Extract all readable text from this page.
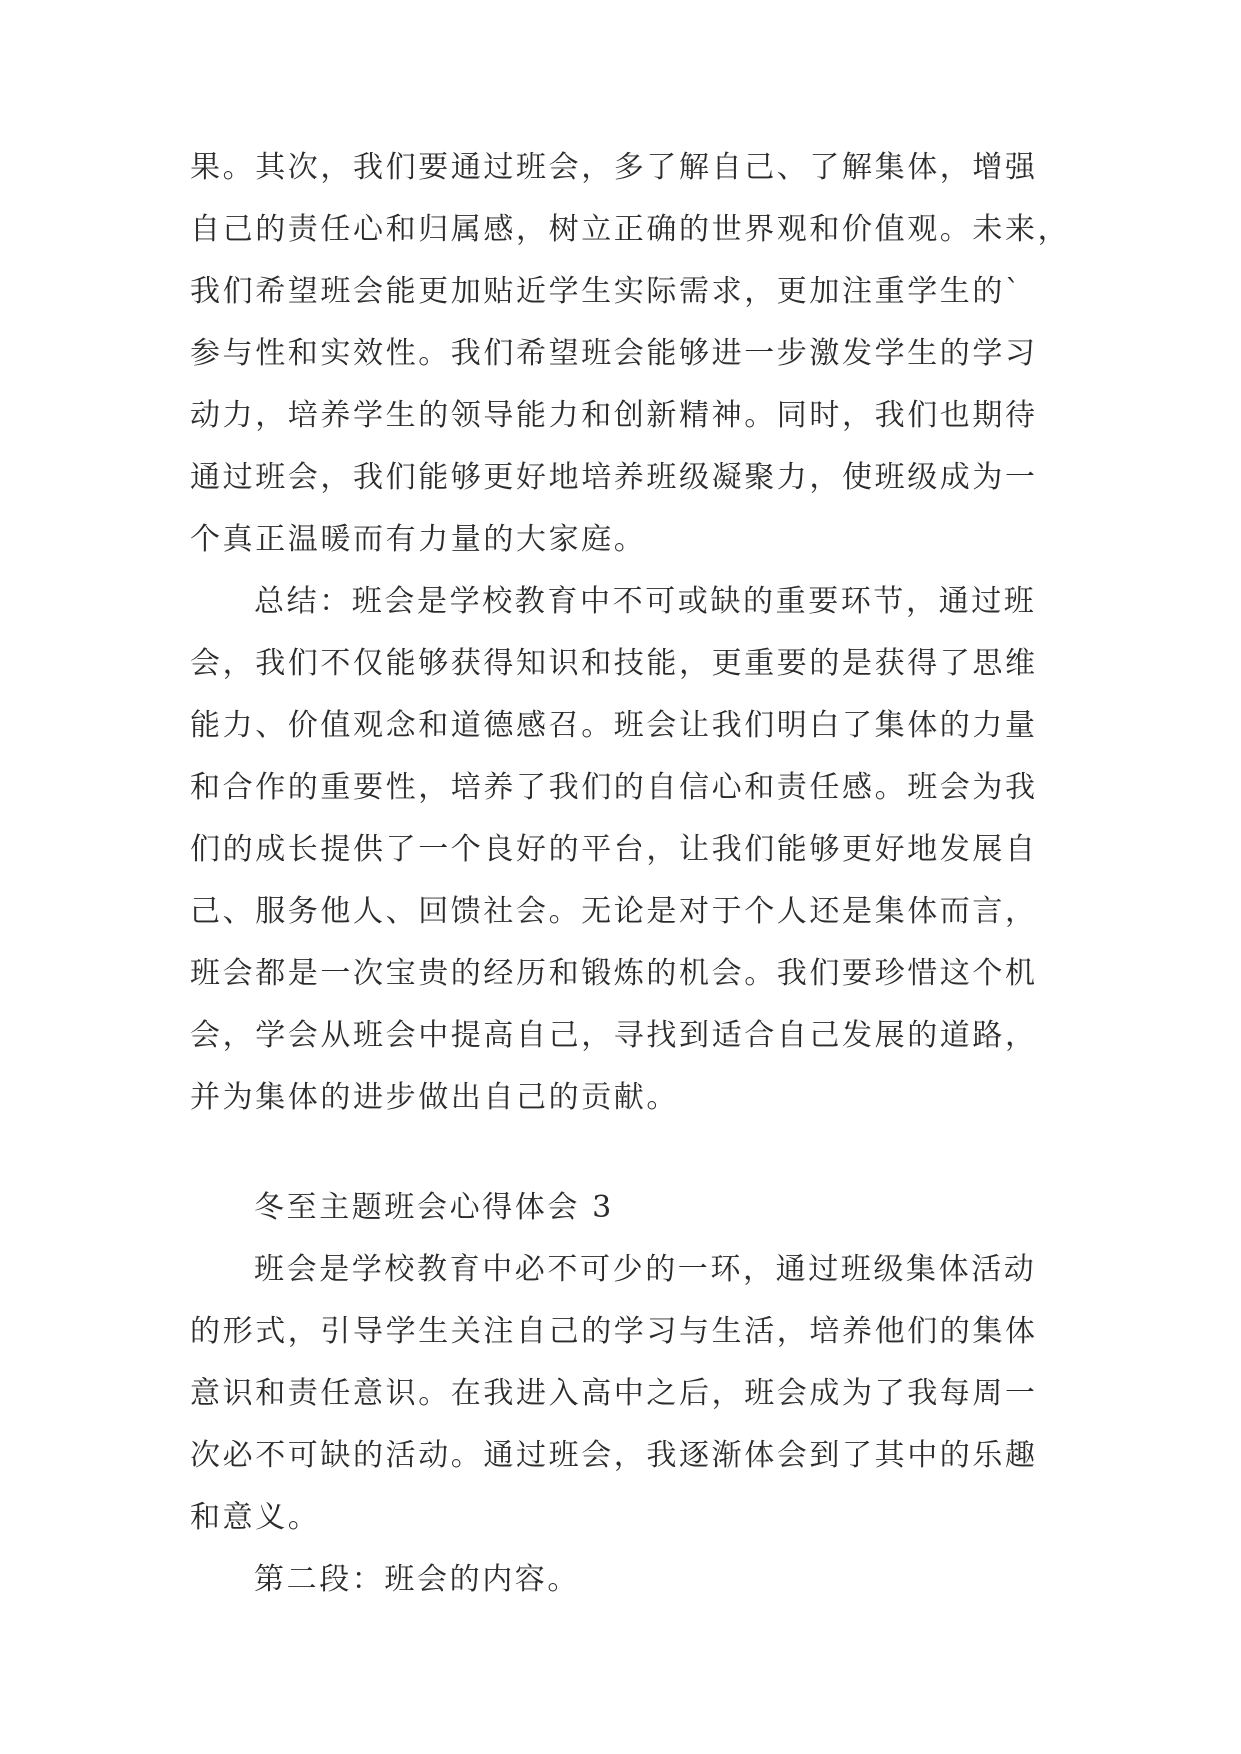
果。其次，我们要通过班会，多了解自己、了解集体，增强
自己的责任心和归属感，树立正确的世界观和价值观。未来，
我们希望班会能更加贴近学生实际需求，更加注重学生的`
参与性和实效性。我们希望班会能够进一步激发学生的学习
动力，培养学生的领导能力和创新精神。同时，我们也期待
通过班会，我们能够更好地培养班级凝聚力，使班级成为一
个真正温暖而有力量的大家庭。
总结：班会是学校教育中不可或缺的重要环节，通过班
会，我们不仅能够获得知识和技能，更重要的是获得了思维
能力、价值观念和道德感召。班会让我们明白了集体的力量
和合作的重要性，培养了我们的自信心和责任感。班会为我
们的成长提供了一个良好的平台，让我们能够更好地发展自
己、服务他人、回馈社会。无论是对于个人还是集体而言，
班会都是一次宝贵的经历和锻炼的机会。我们要珍惜这个机
会，学会从班会中提高自己，寻找到适合自己发展的道路，
并为集体的进步做出自己的贡献。
冬至主题班会心得体会 3
班会是学校教育中必不可少的一环，通过班级集体活动
的形式，引导学生关注自己的学习与生活，培养他们的集体
意识和责任意识。在我进入高中之后，班会成为了我每周一
次必不可缺的活动。通过班会，我逐渐体会到了其中的乐趣
和意义。
第二段：班会的内容。
